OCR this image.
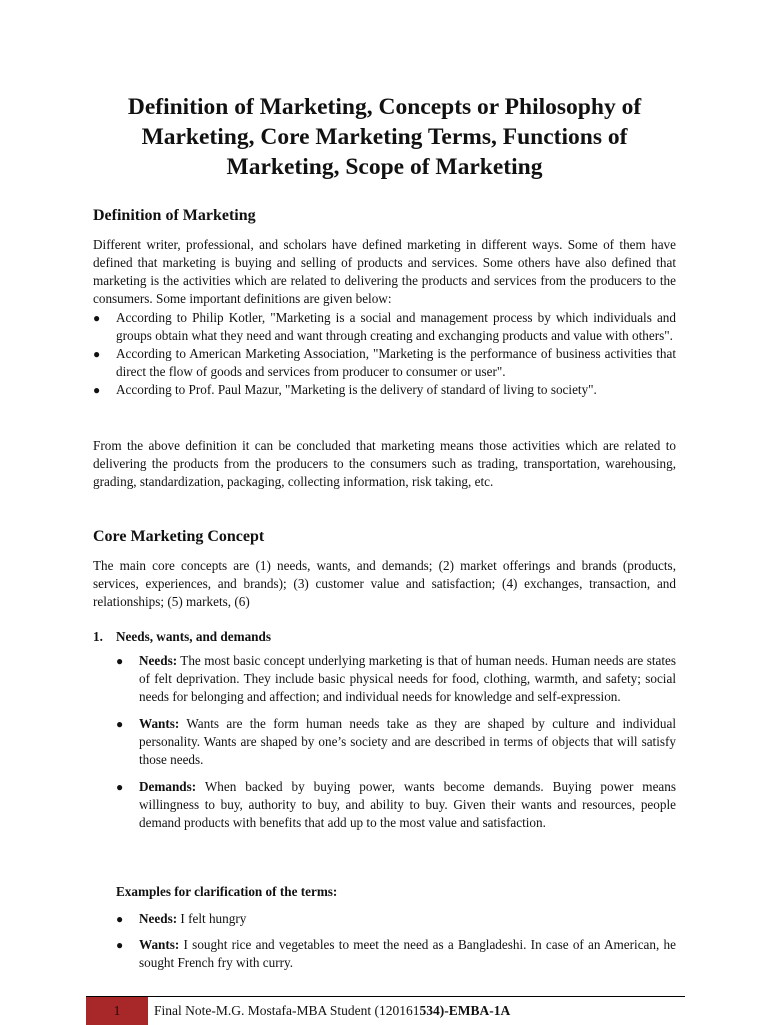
Definition of Marketing, Concepts or Philosophy of Marketing, Core Marketing Terms, Functions of Marketing, Scope of Marketing
Definition of Marketing

Different writer, professional, and scholars have defined marketing in different ways. Some of them have defined that marketing is buying and selling of products and services. Some others have also defined that marketing is the activities which are related to delivering the products and services from the producers to the consumers. Some important definitions are given below:

● According to Philip Kotler, "Marketing is a social and management process by which individuals and groups obtain what they need and want through creating and exchanging products and value with others".
● According to American Marketing Association, "Marketing is the performance of business activities that direct the flow of goods and services from producer to consumer or user".
● According to Prof. Paul Mazur, "Marketing is the delivery of standard of living to society".

From the above definition it can be concluded that marketing means those activities which are related to delivering the products from the producers to the consumers such as trading, transportation, warehousing, grading, standardization, packaging, collecting information, risk taking, etc.

Core Marketing Concept

The main core concepts are (1) needs, wants, and demands; (2) market offerings and brands (products, services, experiences, and brands); (3) customer value and satisfaction; (4) exchanges, transaction, and relationships; (5) markets, (6)

1. Needs, wants, and demands

● Needs: The most basic concept underlying marketing is that of human needs. Human needs are states of felt deprivation. They include basic physical needs for food, clothing, warmth, and safety; social needs for belonging and affection; and individual needs for knowledge and self-expression.
● Wants: Wants are the form human needs take as they are shaped by culture and individual personality. Wants are shaped by one’s society and are described in terms of objects that will satisfy those needs.
● Demands: When backed by buying power, wants become demands. Buying power means willingness to buy, authority to buy, and ability to buy. Given their wants and resources, people demand products with benefits that add up to the most value and satisfaction.

Examples for clarification of the terms:

● Needs: I felt hungry
● Wants: I sought rice and vegetables to meet the need as a Bangladeshi. In case of an American, he sought French fry with curry.
1	Final Note-M.G. Mostafa-MBA Student (120161534)-EMBA-1A
